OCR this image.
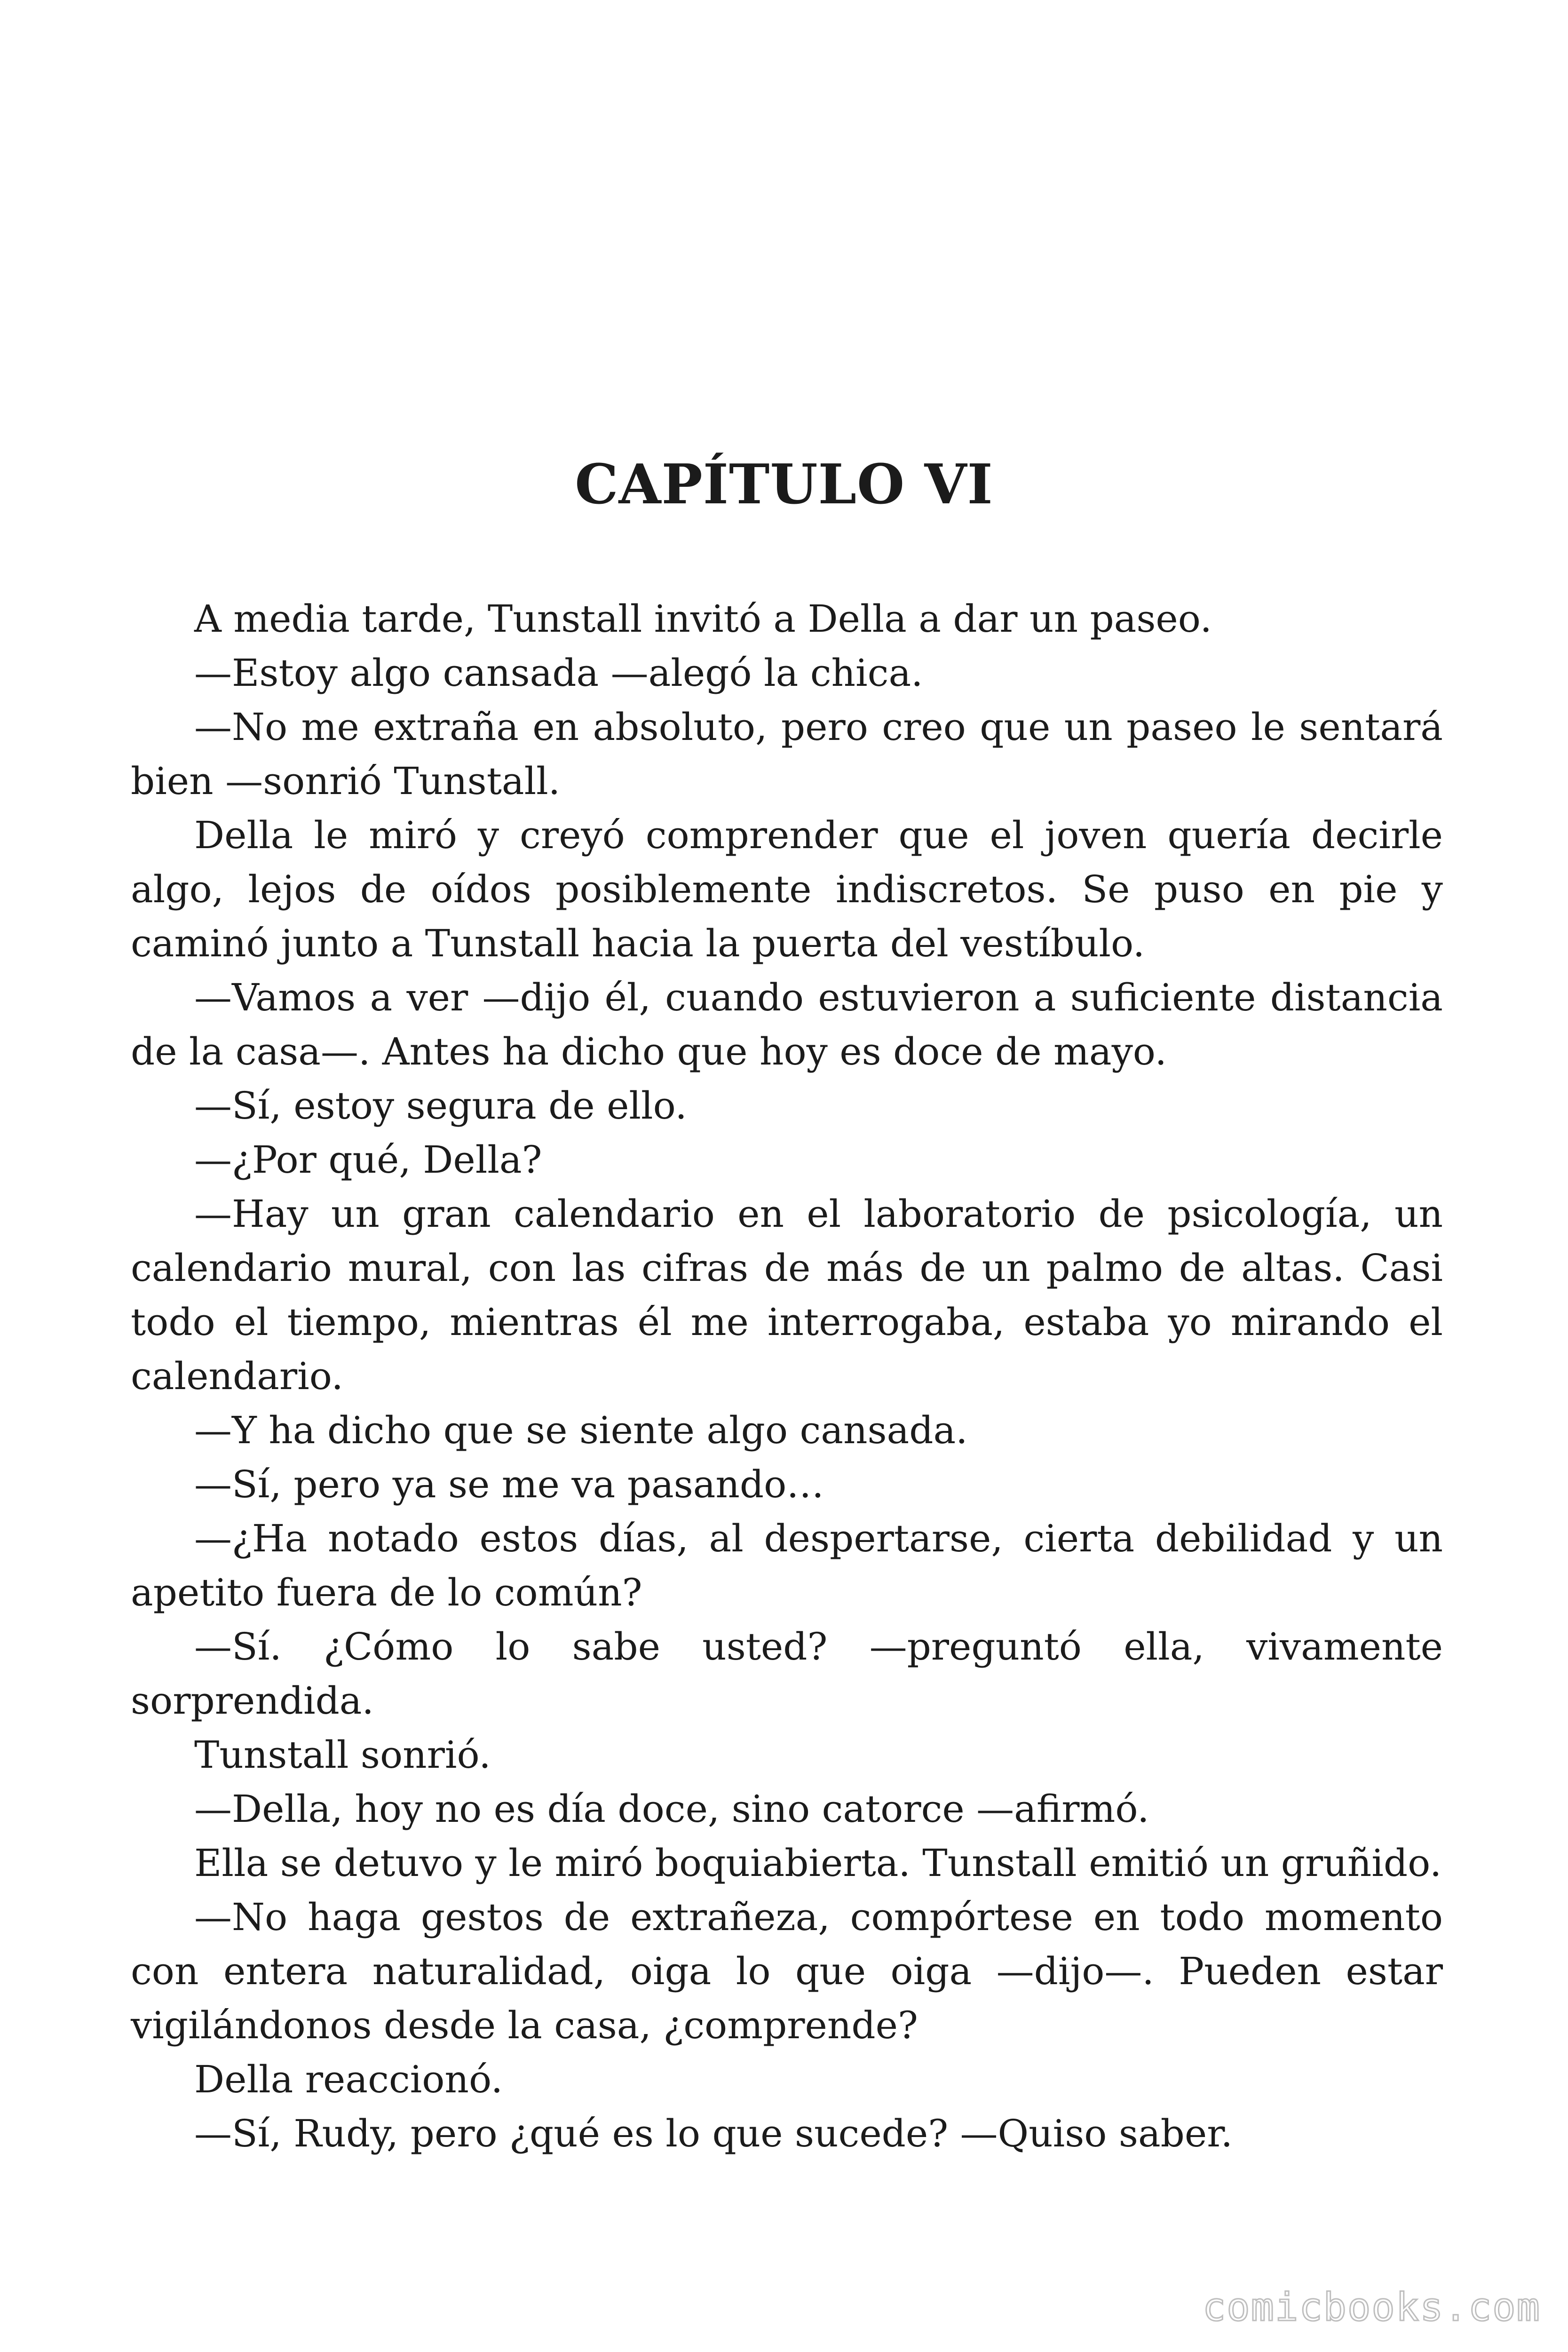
CAPÍTULO VI

A media tarde, Tunstall invitó a Della a dar un paseo.

—Estoy algo cansada —alegó la chica.

—No me extraña en absoluto, pero creo que un paseo le sentará bien —sonrió Tunstall.

Della le miró y creyó comprender que el joven quería decirle algo, lejos de oídos posiblemente indiscretos. Se puso en pie y caminó junto a Tunstall hacia la puerta del vestíbulo.

—Vamos a ver —dijo él, cuando estuvieron a suficiente distancia de la casa—. Antes ha dicho que hoy es doce de mayo.

—Sí, estoy segura de ello.

—¿Por qué, Della?

—Hay un gran calendario en el laboratorio de psicología, un calendario mural, con las cifras de más de un palmo de altas. Casi todo el tiempo, mientras él me interrogaba, estaba yo mirando el calendario.

—Y ha dicho que se siente algo cansada.

—Sí, pero ya se me va pasando…

—¿Ha notado estos días, al despertarse, cierta debilidad y un apetito fuera de lo común?

—Sí. ¿Cómo lo sabe usted? —preguntó ella, vivamente sorprendida.

Tunstall sonrió.

—Della, hoy no es día doce, sino catorce —afirmó.

Ella se detuvo y le miró boquiabierta. Tunstall emitió un gruñido.

—No haga gestos de extrañeza, compórtese en todo momento con entera naturalidad, oiga lo que oiga —dijo—. Pueden estar vigilándonos desde la casa, ¿comprende?

Della reaccionó.

—Sí, Rudy, pero ¿qué es lo que sucede? —Quiso saber.

comicbooks.com
